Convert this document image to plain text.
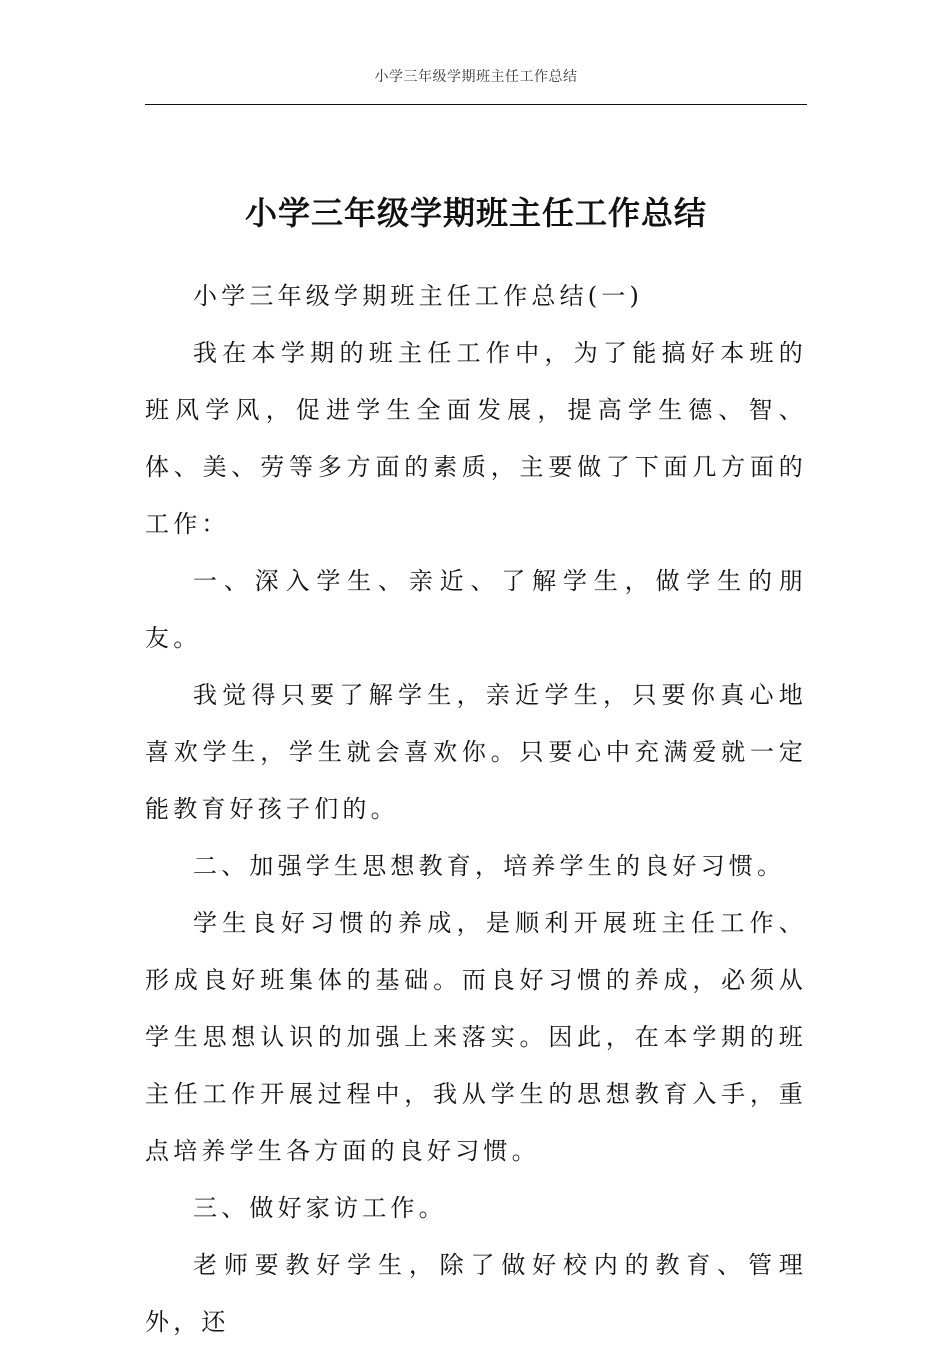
小学三年级学期班主任工作总结
小学三年级学期班主任工作总结

小学三年级学期班主任工作总结(一)

我在本学期的班主任工作中，为了能搞好本班的班风学风，促进学生全面发展，提高学生德、智、体、美、劳等多方面的素质，主要做了下面几方面的工作：

一、深入学生、亲近、了解学生，做学生的朋友。

我觉得只要了解学生，亲近学生，只要你真心地喜欢学生，学生就会喜欢你。只要心中充满爱就一定能教育好孩子们的。

二、加强学生思想教育，培养学生的良好习惯。

学生良好习惯的养成，是顺利开展班主任工作、形成良好班集体的基础。而良好习惯的养成，必须从学生思想认识的加强上来落实。因此，在本学期的班主任工作开展过程中，我从学生的思想教育入手，重点培养学生各方面的良好习惯。

三、做好家访工作。

老师要教好学生，除了做好校内的教育、管理外，还
